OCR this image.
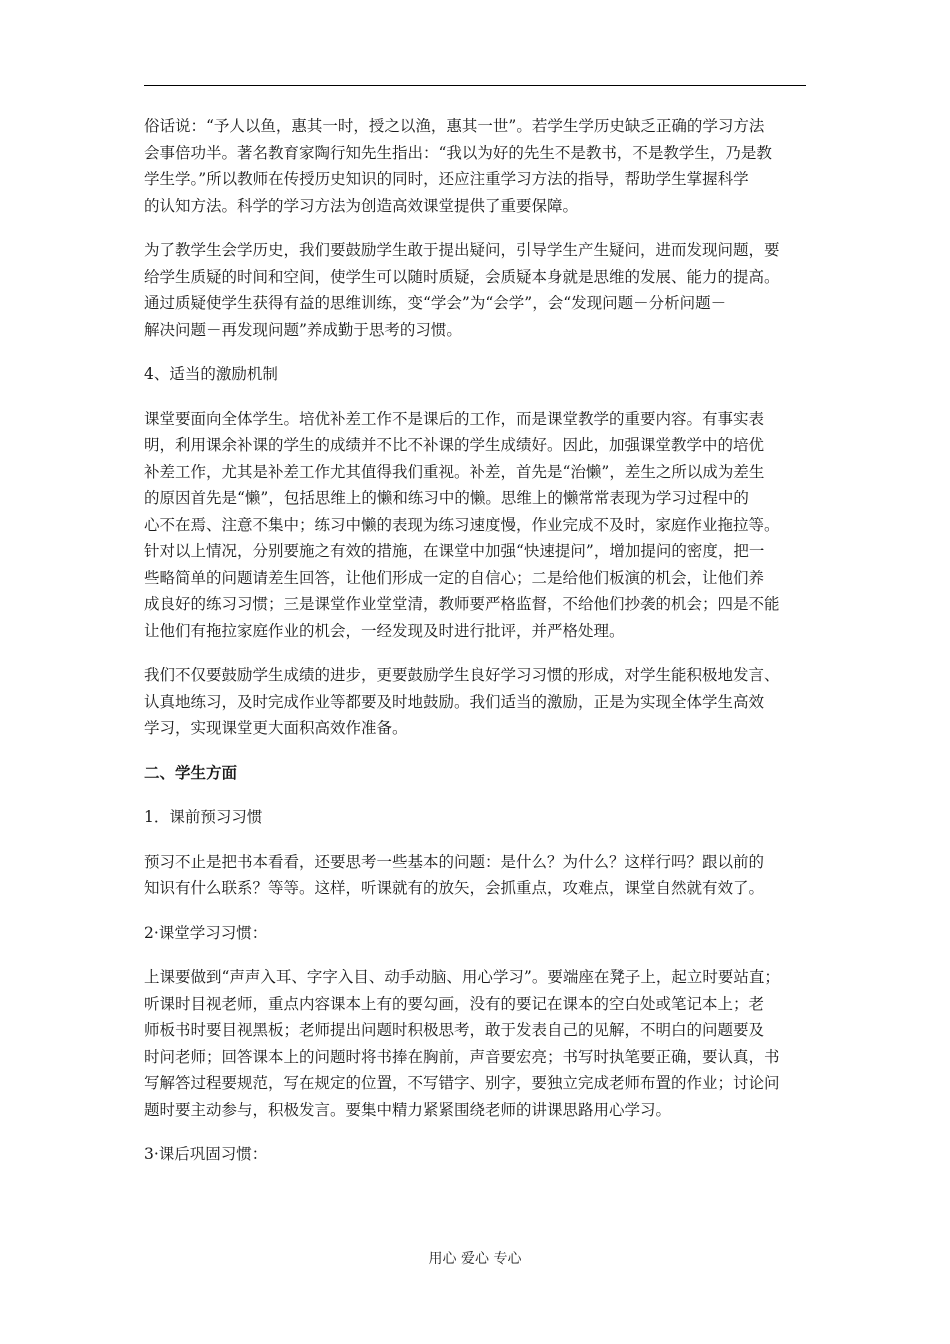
俗话说：“予人以鱼，惠其一时，授之以渔，惠其一世”。若学生学历史缺乏正确的学习方法
会事倍功半。著名教育家陶行知先生指出：“我以为好的先生不是教书，不是教学生，乃是教
学生学。”所以教师在传授历史知识的同时，还应注重学习方法的指导，帮助学生掌握科学
的认知方法。科学的学习方法为创造高效课堂提供了重要保障。
为了教学生会学历史，我们要鼓励学生敢于提出疑问，引导学生产生疑问，进而发现问题，要
给学生质疑的时间和空间，使学生可以随时质疑，会质疑本身就是思维的发展、能力的提高。
通过质疑使学生获得有益的思维训练，变“学会”为“会学”，会“发现问题－分析问题－
解决问题－再发现问题”养成勤于思考的习惯。
4、适当的激励机制
课堂要面向全体学生。培优补差工作不是课后的工作，而是课堂教学的重要内容。有事实表
明，利用课余补课的学生的成绩并不比不补课的学生成绩好。因此，加强课堂教学中的培优
补差工作，尤其是补差工作尤其值得我们重视。补差，首先是“治懒”，差生之所以成为差生
的原因首先是“懒”，包括思维上的懒和练习中的懒。思维上的懒常常表现为学习过程中的
心不在焉、注意不集中；练习中懒的表现为练习速度慢，作业完成不及时，家庭作业拖拉等。
针对以上情况，分别要施之有效的措施，在课堂中加强“快速提问”，增加提问的密度，把一
些略简单的问题请差生回答，让他们形成一定的自信心；二是给他们板演的机会，让他们养
成良好的练习习惯；三是课堂作业堂堂清，教师要严格监督，不给他们抄袭的机会；四是不能
让他们有拖拉家庭作业的机会，一经发现及时进行批评，并严格处理。
我们不仅要鼓励学生成绩的进步，更要鼓励学生良好学习习惯的形成，对学生能积极地发言、
认真地练习，及时完成作业等都要及时地鼓励。我们适当的激励，正是为实现全体学生高效
学习，实现课堂更大面积高效作准备。
二、学生方面
1．课前预习习惯
预习不止是把书本看看，还要思考一些基本的问题：是什么？为什么？这样行吗？跟以前的
知识有什么联系？等等。这样，听课就有的放矢，会抓重点，攻难点，课堂自然就有效了。
2·课堂学习习惯：
上课要做到“声声入耳、字字入目、动手动脑、用心学习”。要端座在凳子上，起立时要站直；
听课时目视老师，重点内容课本上有的要勾画，没有的要记在课本的空白处或笔记本上；老
师板书时要目视黑板；老师提出问题时积极思考，敢于发表自己的见解，不明白的问题要及
时问老师；回答课本上的问题时将书捧在胸前，声音要宏亮；书写时执笔要正确，要认真，书
写解答过程要规范，写在规定的位置，不写错字、别字，要独立完成老师布置的作业；讨论问
题时要主动参与，积极发言。要集中精力紧紧围绕老师的讲课思路用心学习。
3·课后巩固习惯：
用心 爱心 专心
